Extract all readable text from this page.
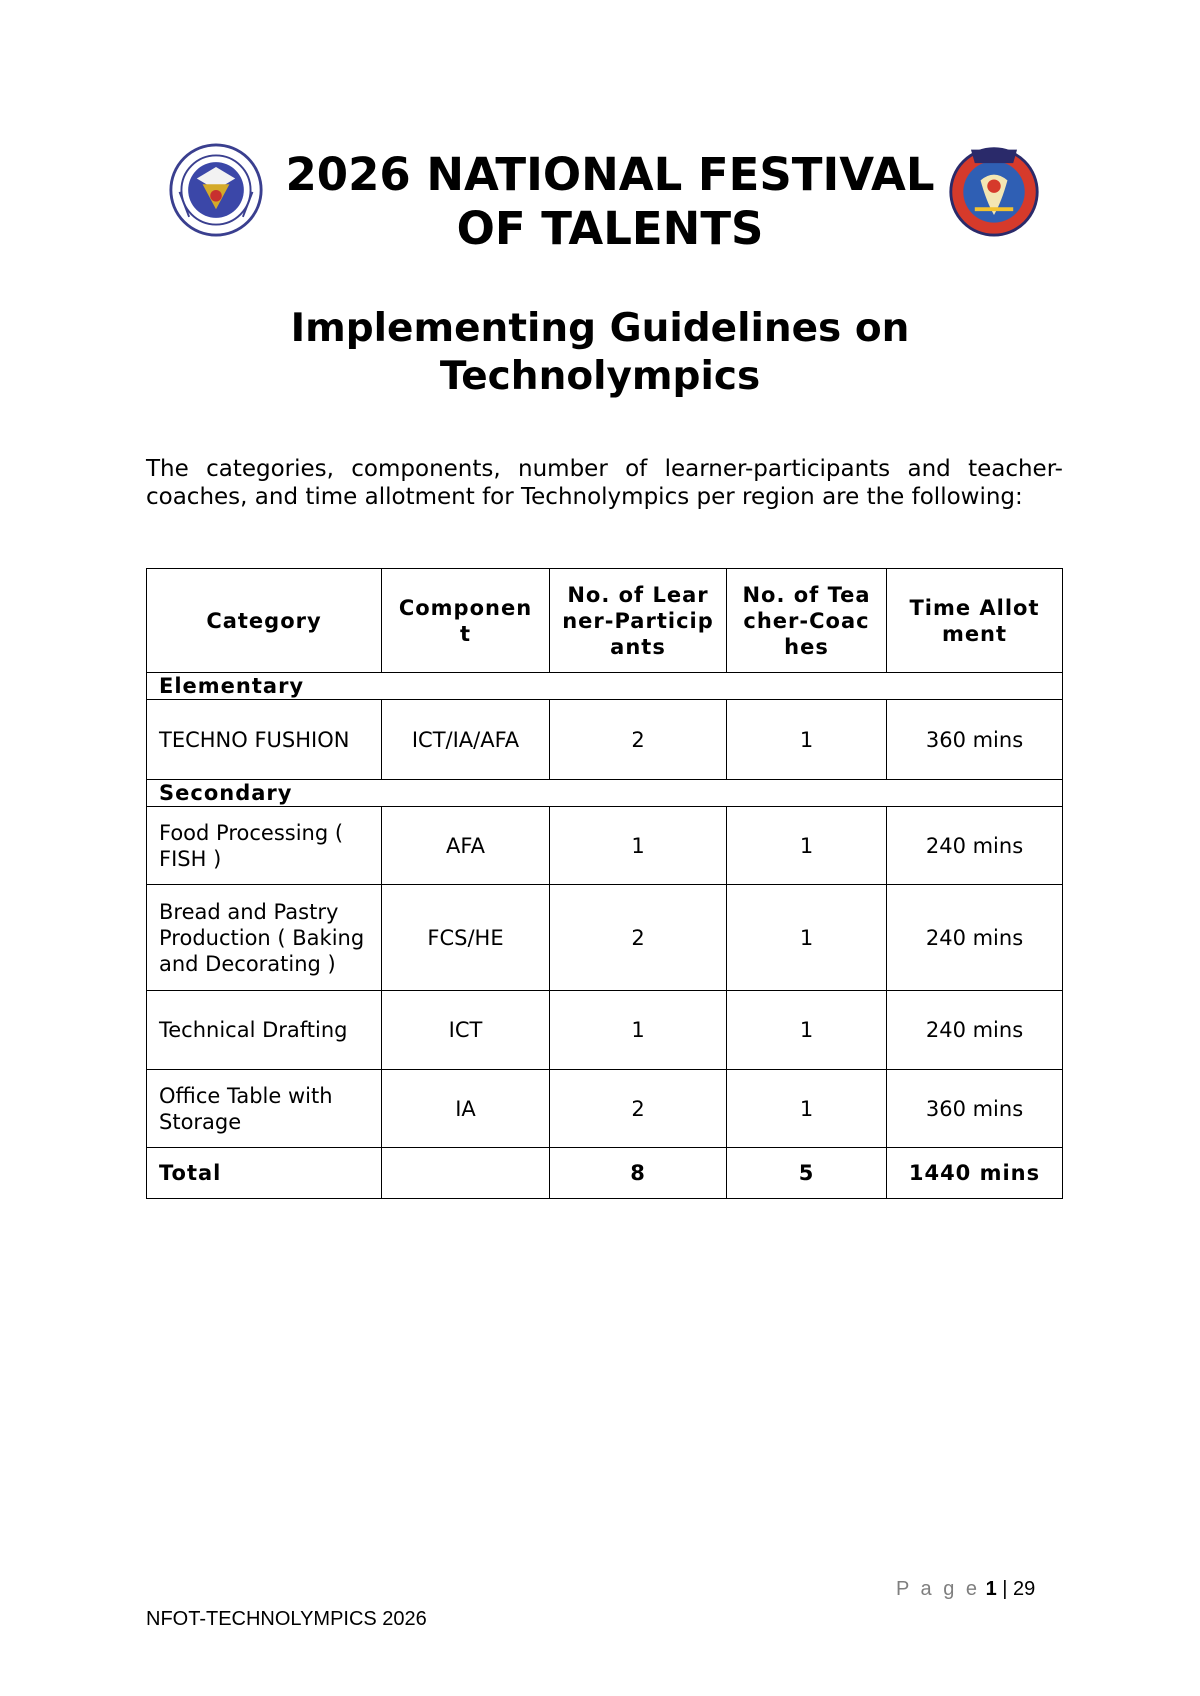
2026 NATIONAL FESTIVAL
OF TALENTS
Implementing Guidelines on
Technolympics

The categories, components, number of learner-participants and teacher-coaches, and time allotment for Technolympics per region are the following:

Category	Component	No. of Learner-Participants	No. of Teacher-Coaches	Time Allotment
Elementary				
TECHNO FUSHION	ICT/IA/AFA	2	1	360 mins
Secondary				
Food Processing ( FISH )	AFA	1	1	240 mins
Bread and Pastry Production ( Baking and Decorating )	FCS/HE	2	1	240 mins
Technical Drafting	ICT	1	1	240 mins
Office Table with Storage	IA	2	1	360 mins
Total		8	5	1440 mins
P a g e 1 | 29
NFOT-TECHNOLYMPICS 2026
